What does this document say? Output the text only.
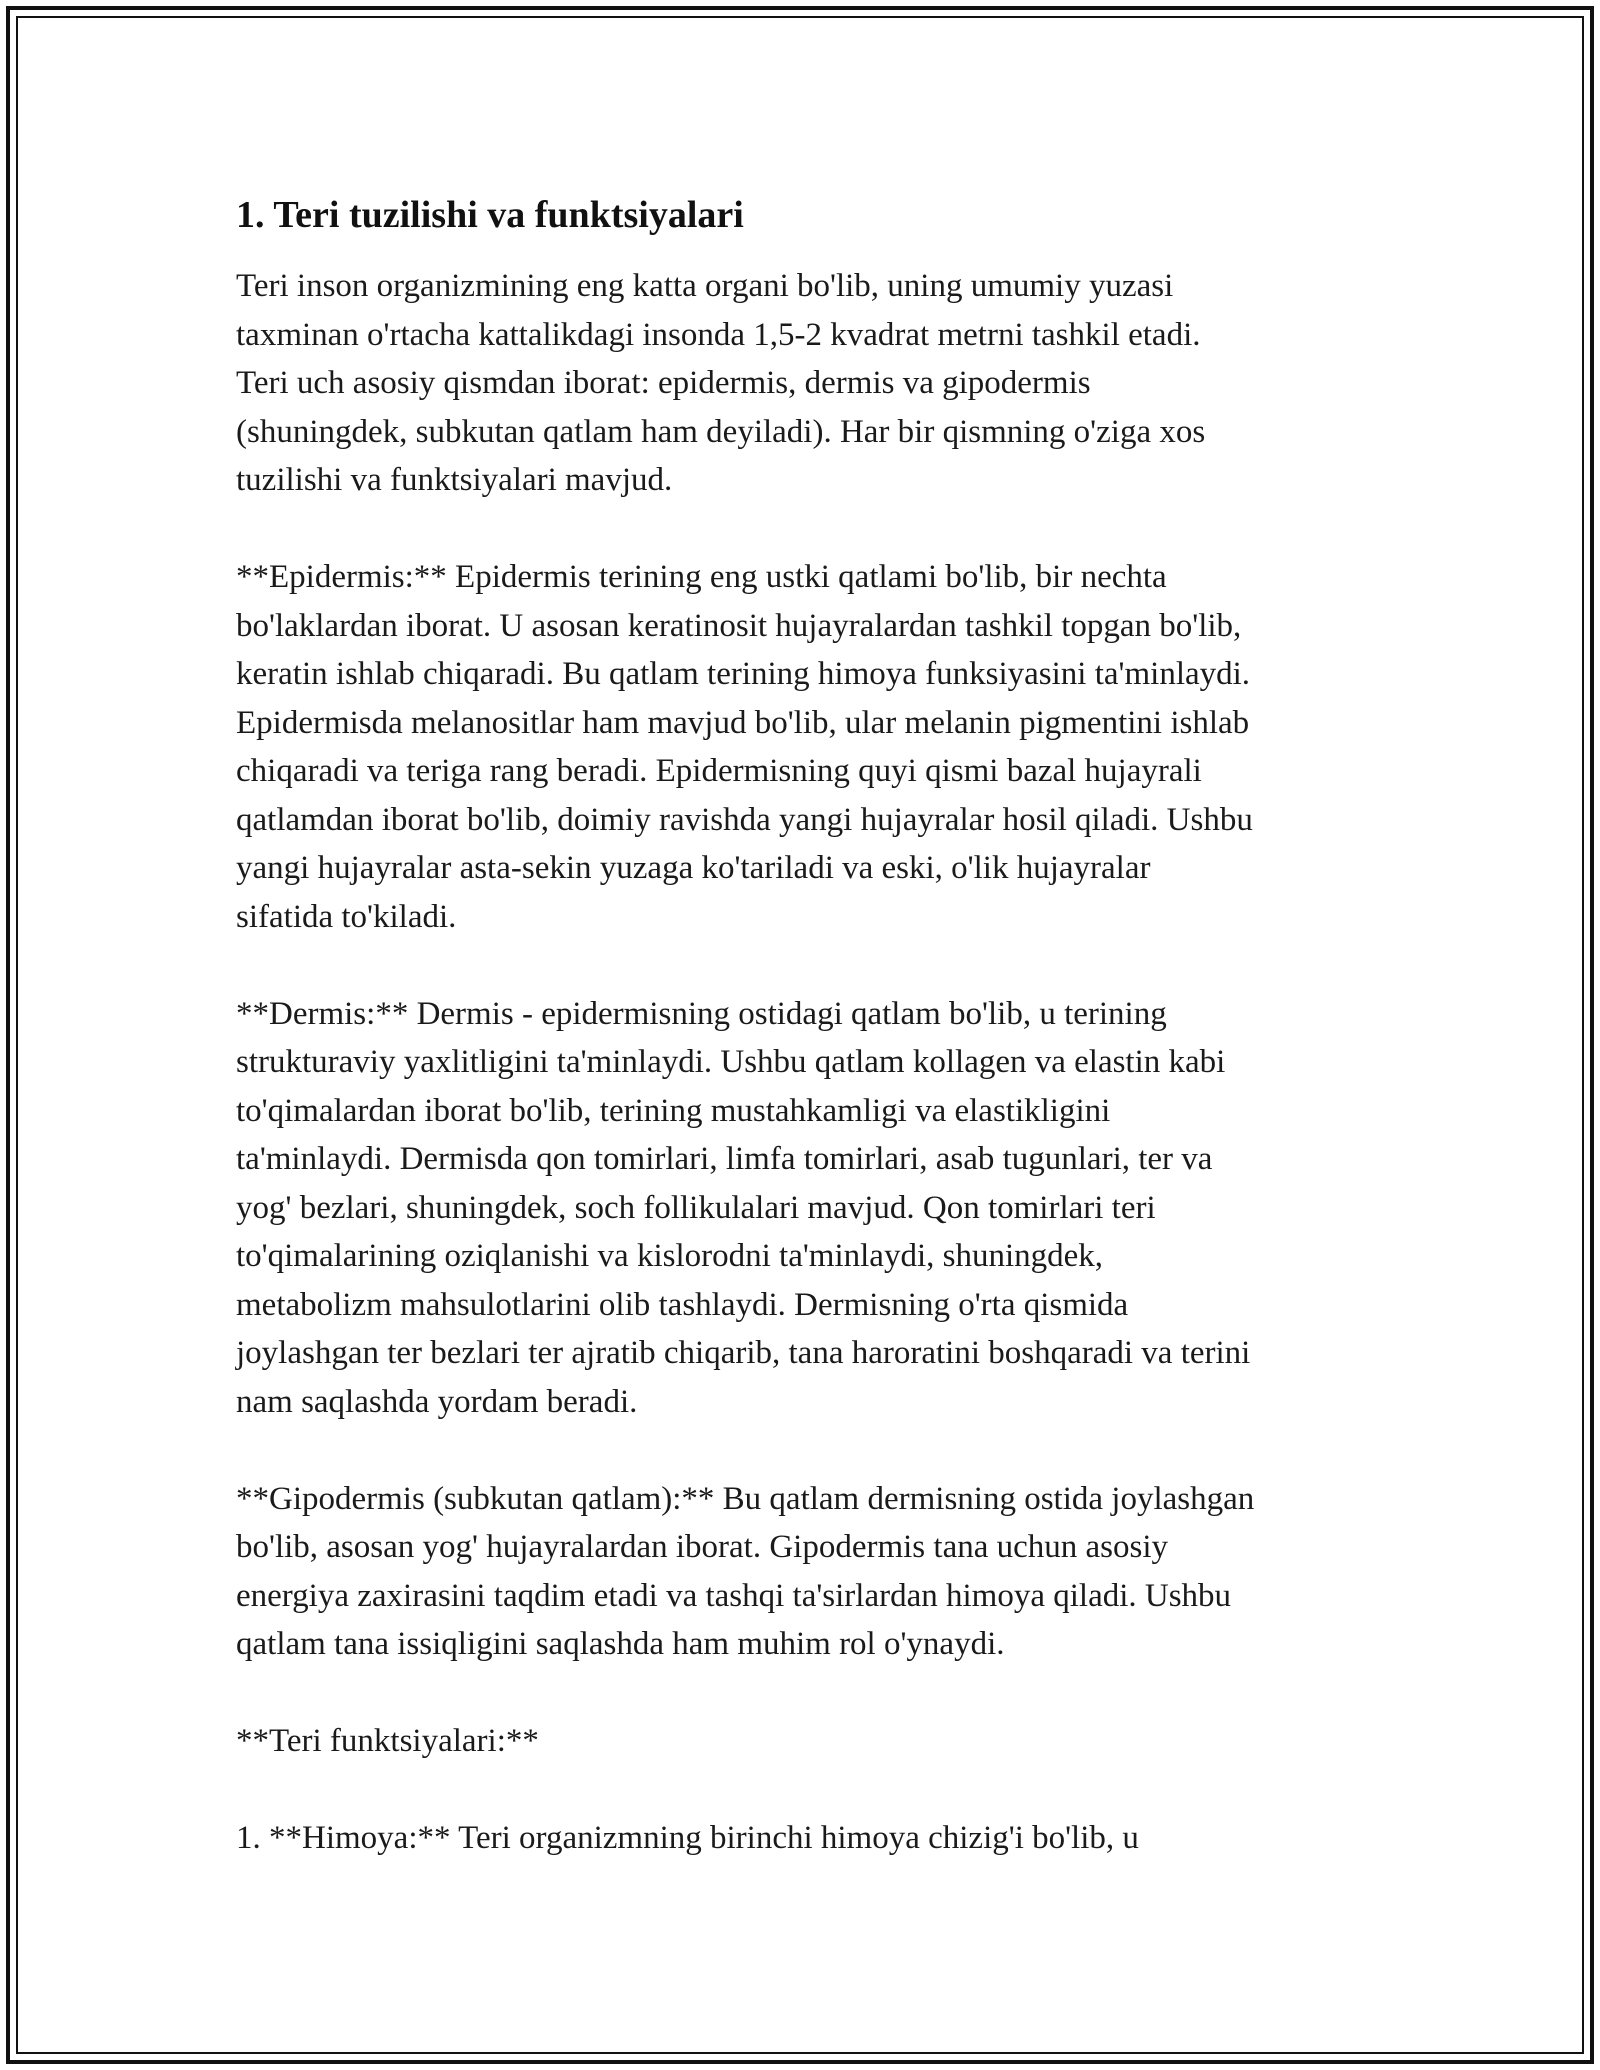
1. Teri tuzilishi va funktsiyalari

Teri inson organizmining eng katta organi bo'lib, uning umumiy yuzasi
taxminan o'rtacha kattalikdagi insonda 1,5-2 kvadrat metrni tashkil etadi.
Teri uch asosiy qismdan iborat: epidermis, dermis va gipodermis
(shuningdek, subkutan qatlam ham deyiladi). Har bir qismning o'ziga xos
tuzilishi va funktsiyalari mavjud.

**Epidermis:** Epidermis terining eng ustki qatlami bo'lib, bir nechta
bo'laklardan iborat. U asosan keratinosit hujayralardan tashkil topgan bo'lib,
keratin ishlab chiqaradi. Bu qatlam terining himoya funksiyasini ta'minlaydi.
Epidermisda melanositlar ham mavjud bo'lib, ular melanin pigmentini ishlab
chiqaradi va teriga rang beradi. Epidermisning quyi qismi bazal hujayrali
qatlamdan iborat bo'lib, doimiy ravishda yangi hujayralar hosil qiladi. Ushbu
yangi hujayralar asta-sekin yuzaga ko'tariladi va eski, o'lik hujayralar
sifatida to'kiladi.

**Dermis:** Dermis - epidermisning ostidagi qatlam bo'lib, u terining
strukturaviy yaxlitligini ta'minlaydi. Ushbu qatlam kollagen va elastin kabi
to'qimalardan iborat bo'lib, terining mustahkamligi va elastikligini
ta'minlaydi. Dermisda qon tomirlari, limfa tomirlari, asab tugunlari, ter va
yog' bezlari, shuningdek, soch follikulalari mavjud. Qon tomirlari teri
to'qimalarining oziqlanishi va kislorodni ta'minlaydi, shuningdek,
metabolizm mahsulotlarini olib tashlaydi. Dermisning o'rta qismida
joylashgan ter bezlari ter ajratib chiqarib, tana haroratini boshqaradi va terini
nam saqlashda yordam beradi.

**Gipodermis (subkutan qatlam):** Bu qatlam dermisning ostida joylashgan
bo'lib, asosan yog' hujayralardan iborat. Gipodermis tana uchun asosiy
energiya zaxirasini taqdim etadi va tashqi ta'sirlardan himoya qiladi. Ushbu
qatlam tana issiqligini saqlashda ham muhim rol o'ynaydi.

**Teri funktsiyalari:**

1. **Himoya:** Teri organizmning birinchi himoya chizig'i bo'lib, u
